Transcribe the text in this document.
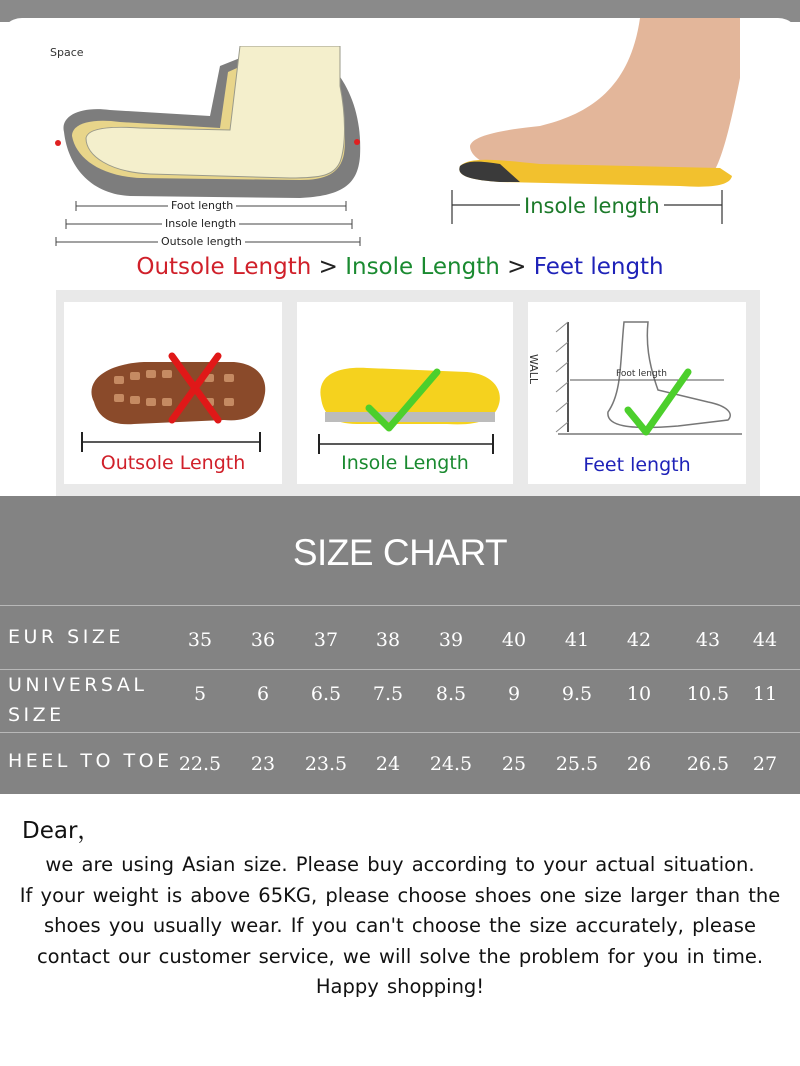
Space
Foot length
Insole length
Outsole length
Insole length
Outsole Length > Insole Length > Feet length
Outsole Length	Insole Length
WALL	Foot length
Feet length
SIZE CHART
EUR SIZE	35	36	37	38	39	40	41	42	43	44
UNIVERSAL
SIZE
5	6	6.5	7.5	8.5	9	9.5	10	10.5	11
HEEL TO TOE 22.5	23	23.5	24	24.5	25	25.5	26	26.5	27
Dear，
we are using Asian size. Please buy according to your actual situation.
If your weight is above 65KG, please choose shoes one size larger than the
shoes you usually wear. If you can't choose the size accurately, please
contact our customer service, we will solve the problem for you in time.
Happy shopping!
